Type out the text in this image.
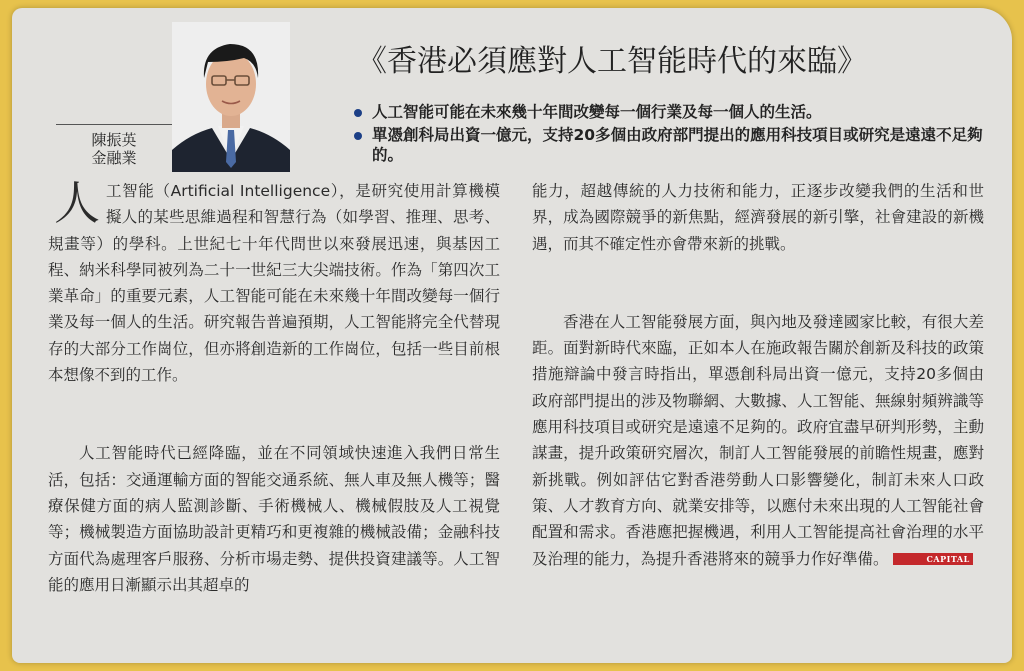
陳振英
金融業
《香港必須應對人工智能時代的來臨》
人工智能可能在未來幾十年間改變每一個行業及每一個人的生活。
單憑創科局出資一億元，支持20多個由政府部門提出的應用科技項目或研究是遠遠不足夠的。

人工智能（Artificial Intelligence），是研究使用計算機模擬人的某些思維過程和智慧行為（如學習、推理、思考、規畫等）的學科。上世紀七十年代問世以來發展迅速，與基因工程、納米科學同被列為二十一世紀三大尖端技術。作為「第四次工業革命」的重要元素，人工智能可能在未來幾十年間改變每一個行業及每一個人的生活。研究報告普遍預期，人工智能將完全代替現存的大部分工作崗位，但亦將創造新的工作崗位，包括一些目前根本想像不到的工作。

人工智能時代已經降臨，並在不同領域快速進入我們日常生活，包括：交通運輸方面的智能交通系統、無人車及無人機等；醫療保健方面的病人監測診斷、手術機械人、機械假肢及人工視覺等；機械製造方面協助設計更精巧和更複雜的機械設備；金融科技方面代為處理客戶服務、分析市場走勢、提供投資建議等。人工智能的應用日漸顯示出其超卓的

能力，超越傳統的人力技術和能力，正逐步改變我們的生活和世界，成為國際競爭的新焦點，經濟發展的新引擎，社會建設的新機遇，而其不確定性亦會帶來新的挑戰。

香港在人工智能發展方面，與內地及發達國家比較，有很大差距。面對新時代來臨，正如本人在施政報告關於創新及科技的政策措施辯論中發言時指出，單憑創科局出資一億元，支持20多個由政府部門提出的涉及物聯網、大數據、人工智能、無線射頻辨識等應用科技項目或研究是遠遠不足夠的。政府宜盡早研判形勢，主動謀畫，提升政策研究層次，制訂人工智能發展的前瞻性規畫，應對新挑戰。例如評估它對香港勞動人口影響變化，制訂未來人口政策、人才教育方向、就業安排等，以應付未來出現的人工智能社會配置和需求。香港應把握機遇，利用人工智能提高社會治理的水平及治理的能力，為提升香港將來的競爭力作好準備。	CAPITAL
